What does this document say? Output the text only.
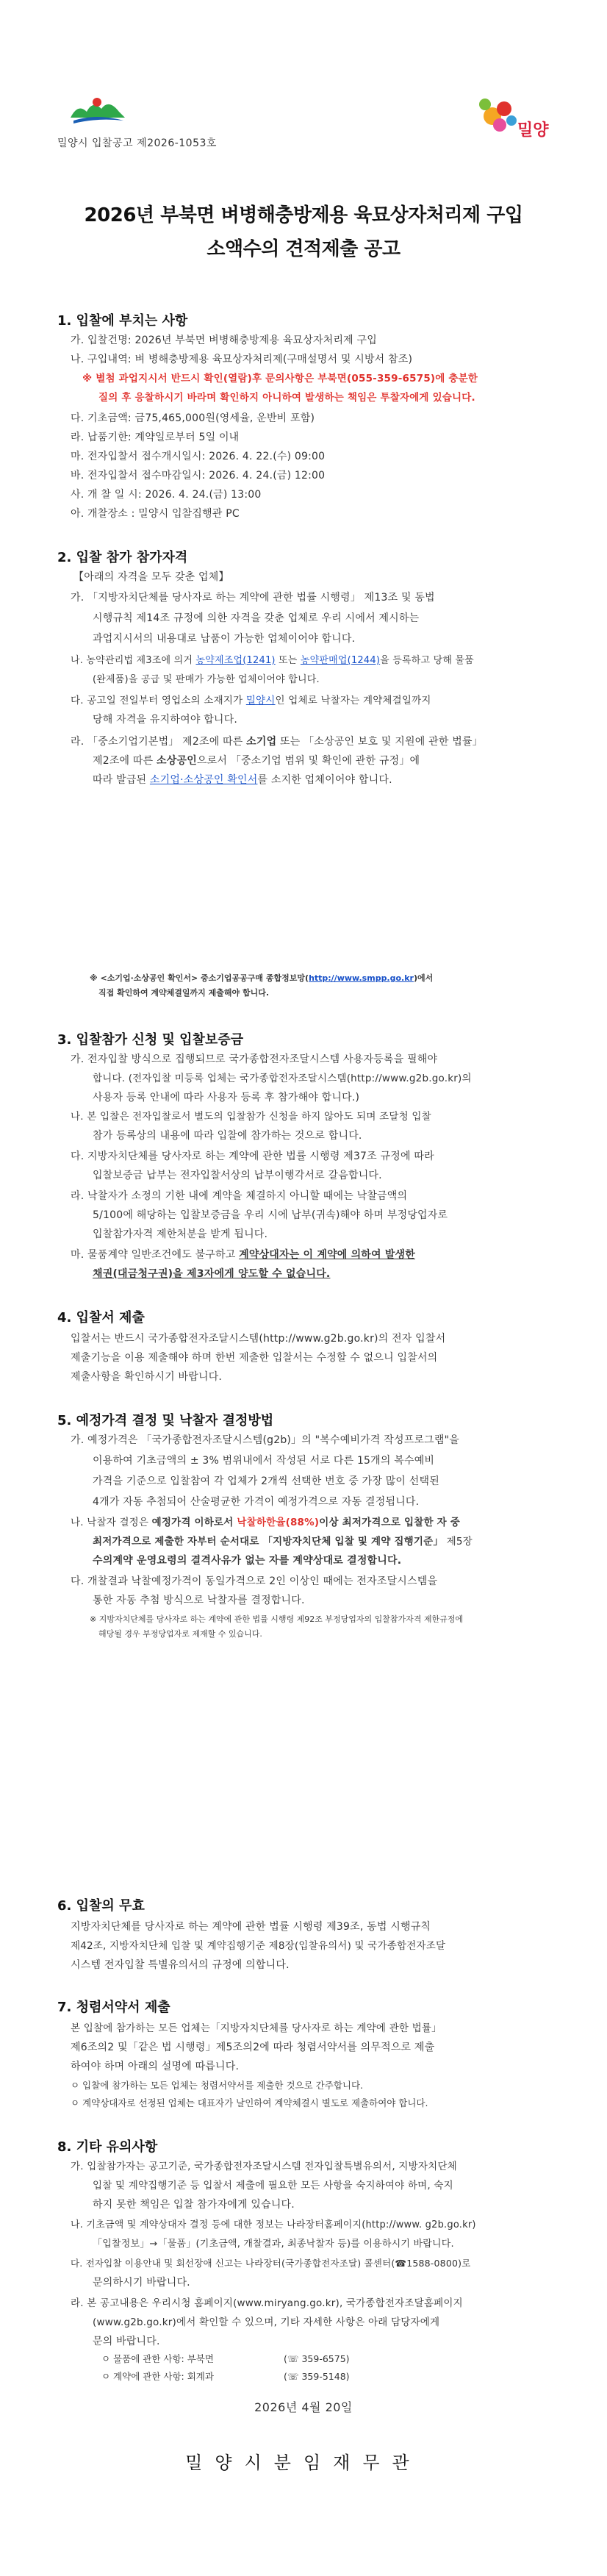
밀양시 입찰공고 제2026-1053호
밀양
2026년 부북면 벼병해충방제용 육묘상자처리제 구입
소액수의 견적제출 공고
1. 입찰에 부치는 사항
가. 입찰건명: 2026년 부북면 벼병해충방제용 육묘상자처리제 구입
나. 구입내역: 벼 병해충방제용 육묘상자처리제(구매설명서 및 시방서 참조)
※ 별첨 과업지시서 반드시 확인(열람)후 문의사항은 부북면(055-359-6575)에 충분한
질의 후 응찰하시기 바라며 확인하지 아니하여 발생하는 책임은 투찰자에게 있습니다.
다. 기초금액: 금75,465,000원(영세율, 운반비 포함)
라. 납품기한: 계약일로부터 5일 이내
마. 전자입찰서 접수개시일시: 2026. 4. 22.(수) 09:00
바. 전자입찰서 접수마감일시: 2026. 4. 24.(금) 12:00
사. 개 찰 일 시: 2026. 4. 24.(금) 13:00
아. 개찰장소 : 밀양시 입찰집행관 PC
2. 입찰 참가 참가자격
【아래의 자격을 모두 갖춘 업체】
가. 「지방자치단체를 당사자로 하는 계약에 관한 법률 시행령」 제13조 및 동법
시행규칙 제14조 규정에 의한 자격을 갖춘 업체로 우리 시에서 제시하는
과업지시서의 내용대로 납품이 가능한 업체이어야 합니다.
나. 농약관리법 제3조에 의거 농약제조업(1241) 또는 농약판매업(1244)을 등록하고 당해 물품
(완제품)을 공급 및 판매가 가능한 업체이어야 합니다.
다. 공고일 전일부터 영업소의 소재지가 밀양시인 업체로 낙찰자는 계약체결일까지
당해 자격을 유지하여야 합니다.
라. 「중소기업기본법」 제2조에 따른 소기업 또는 「소상공인 보호 및 지원에 관한 법률」
제2조에 따른 소상공인으로서 「중소기업 범위 및 확인에 관한 규정」에
따라 발급된 소기업·소상공인 확인서를 소지한 업체이어야 합니다.
※ <소기업·소상공인 확인서> 중소기업공공구매 종합정보망(http://www.smpp.go.kr)에서
직접 확인하여 계약체결일까지 제출해야 합니다.
3. 입찰참가 신청 및 입찰보증금
가. 전자입찰 방식으로 집행되므로 국가종합전자조달시스템 사용자등록을 필해야
합니다. (전자입찰 미등록 업체는 국가종합전자조달시스템(http://www.g2b.go.kr)의
사용자 등록 안내에 따라 사용자 등록 후 참가해야 합니다.)
나. 본 입찰은 전자입찰로서 별도의 입찰참가 신청을 하지 않아도 되며 조달청 입찰
참가 등록상의 내용에 따라 입찰에 참가하는 것으로 합니다.
다. 지방자치단체를 당사자로 하는 계약에 관한 법률 시행령 제37조 규정에 따라
입찰보증금 납부는 전자입찰서상의 납부이행각서로 갈음합니다.
라. 낙찰자가 소정의 기한 내에 계약을 체결하지 아니할 때에는 낙찰금액의
5/100에 해당하는 입찰보증금을 우리 시에 납부(귀속)해야 하며 부정당업자로
입찰참가자격 제한처분을 받게 됩니다.
마. 물품계약 일반조건에도 불구하고 계약상대자는 이 계약에 의하여 발생한
채권(대금청구권)을 제3자에게 양도할 수 없습니다.
4. 입찰서 제출
입찰서는 반드시 국가종합전자조달시스템(http://www.g2b.go.kr)의 전자 입찰서
제출기능을 이용 제출해야 하며 한번 제출한 입찰서는 수정할 수 없으니 입찰서의
제출사항을 확인하시기 바랍니다.
5. 예정가격 결정 및 낙찰자 결정방법
가. 예정가격은 「국가종합전자조달시스템(g2b)」의 "복수예비가격 작성프로그램"을
이용하여 기초금액의 ± 3% 범위내에서 작성된 서로 다른 15개의 복수예비
가격을 기준으로 입찰참여 각 업체가 2개씩 선택한 번호 중 가장 많이 선택된
4개가 자동 추첨되어 산술평균한 가격이 예정가격으로 자동 결정됩니다.
나. 낙찰자 결정은 예정가격 이하로서 낙찰하한율(88%)이상 최저가격으로 입찰한 자 중
최저가격으로 제출한 자부터 순서대로 「지방자치단체 입찰 및 계약 집행기준」 제5장
수의계약 운영요령의 결격사유가 없는 자를 계약상대로 결정합니다.
다. 개찰결과 낙찰예정가격이 동일가격으로 2인 이상인 때에는 전자조달시스템을
통한 자동 추첨 방식으로 낙찰자를 결정합니다.
※ 지방자치단체를 당사자로 하는 계약에 관한 법률 시행령 제92조 부정당업자의 입찰참가자격 제한규정에
해당될 경우 부정당업자로 제재할 수 있습니다.
6. 입찰의 무효
지방자치단체를 당사자로 하는 계약에 관한 법률 시행령 제39조, 동법 시행규칙
제42조, 지방자치단체 입찰 및 계약집행기준 제8장(입찰유의서) 및 국가종합전자조달
시스템 전자입찰 특별유의서의 규정에 의합니다.
7. 청렴서약서 제출
본 입찰에 참가하는 모든 업체는「지방자치단체를 당사자로 하는 계약에 관한 법률」
제6조의2 및「같은 법 시행령」제5조의2에 따라 청렴서약서를 의무적으로 제출
하여야 하며 아래의 설명에 따릅니다.
ㅇ 입찰에 참가하는 모든 업체는 청렴서약서를 제출한 것으로 간주합니다.
ㅇ 계약상대자로 선정된 업체는 대표자가 날인하여 계약체결시 별도로 제출하여야 합니다.
8. 기타 유의사항
가. 입찰참가자는 공고기준, 국가종합전자조달시스템 전자입찰특별유의서, 지방자치단체
입찰 및 계약집행기준 등 입찰서 제출에 필요한 모든 사항을 숙지하여야 하며, 숙지
하지 못한 책임은 입찰 참가자에게 있습니다.
나. 기초금액 및 계약상대자 결정 등에 대한 정보는 나라장터홈페이지(http://www. g2b.go.kr)
「입찰정보」→「물품」(기초금액, 개찰결과, 최종낙찰자 등)를 이용하시기 바랍니다.
다. 전자입찰 이용안내 및 회선장애 신고는 나라장터(국가종합전자조달) 콜센터(☎1588-0800)로
문의하시기 바랍니다.
라. 본 공고내용은 우리시청 홈페이지(www.miryang.go.kr), 국가종합전자조달홈페이지
(www.g2b.go.kr)에서 확인할 수 있으며, 기타 자세한 사항은 아래 담당자에게
문의 바랍니다.
ㅇ 물품에 관한 사항: 부북면	(☏ 359-6575)
ㅇ 계약에 관한 사항: 회계과	(☏ 359-5148)
2026년 4월 20일
밀양시분임재무관
